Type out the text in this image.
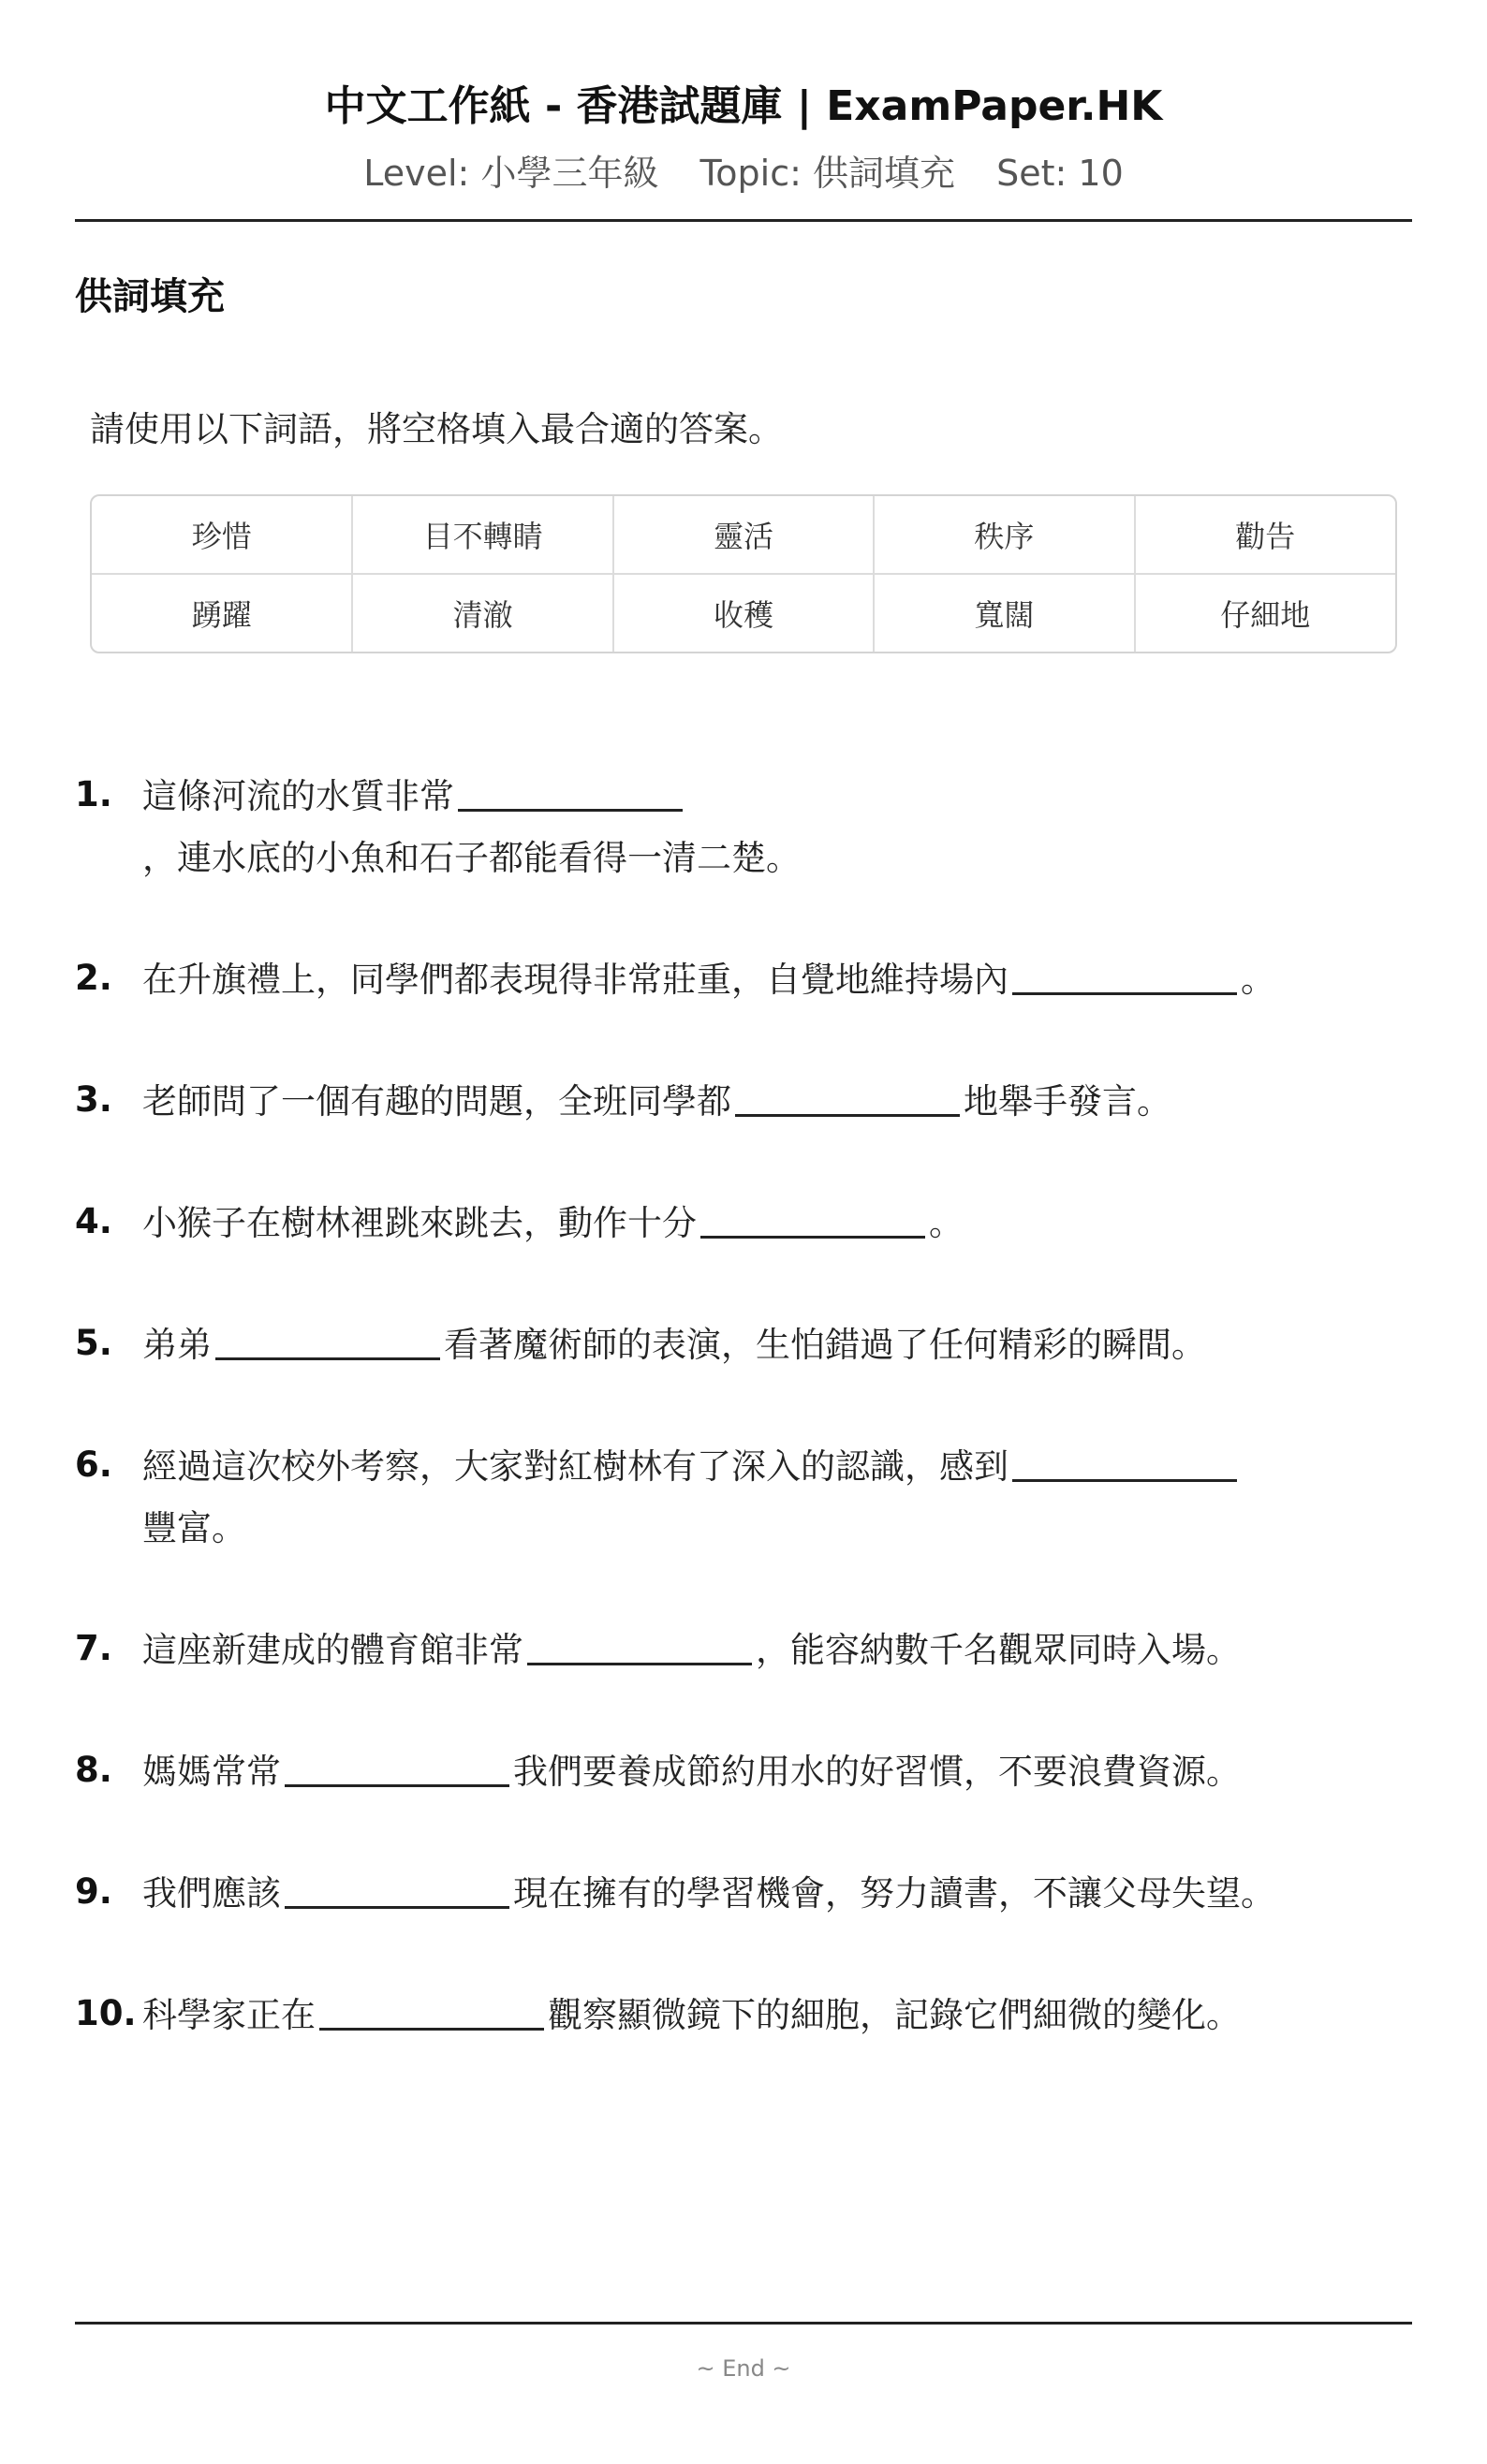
中文工作紙 - 香港試題庫 | ExamPaper.HK
Level: 小學三年級 Topic: 供詞填充 Set: 10
供詞填充
請使用以下詞語，將空格填入最合適的答案。
珍惜	目不轉睛	靈活	秩序	勸告
踴躍	清澈	收穫	寬闊	仔細地
1. 這條河流的水質非常
，連水底的小魚和石子都能看得一清二楚。
2. 在升旗禮上，同學們都表現得非常莊重，自覺地維持場內	。
3. 老師問了一個有趣的問題，全班同學都	地舉手發言。
4. 小猴子在樹林裡跳來跳去，動作十分	。
5. 弟弟	看著魔術師的表演，生怕錯過了任何精彩的瞬間。
6. 經過這次校外考察，大家對紅樹林有了深入的認識，感到
豐富。
7. 這座新建成的體育館非常	，能容納數千名觀眾同時入場。
8. 媽媽常常	我們要養成節約用水的好習慣，不要浪費資源。
9. 我們應該	現在擁有的學習機會，努力讀書，不讓父母失望。
10. 科學家正在	觀察顯微鏡下的細胞，記錄它們細微的變化。
~ End ~
